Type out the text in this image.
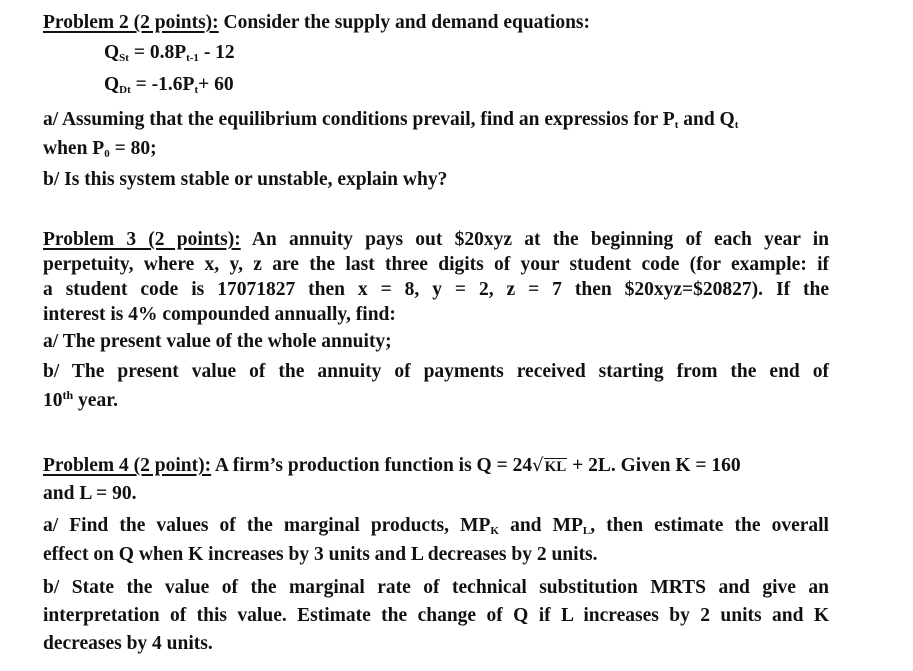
Problem 2 (2 points): Consider the supply and demand equations:
$Q_{St} = 0.8P_{t-1} - 12$
$Q_{Dt} = -1.6P_t+ 60$
a/ Assuming that the equilibrium conditions prevail, find an expressios for $P_t$ and $Q_t$
when $P_0 = 80$;
b/ Is this system stable or unstable, explain why?
Problem 3 (2 points): An annuity pays out $20xyz at the beginning of each year in
perpetuity, where x, y, z are the last three digits of your student code (for example: if
a student code is 17071827 then x = 8, y = 2, z = 7 then $20xyz=$20827). If the
interest is 4% compounded annually, find:
a/ The present value of the whole annuity;
b/ The present value of the annuity of payments received starting from the end of
10th year.
Problem 4 (2 point): A firm’s production function is Q = 24√KL + 2L. Given K = 160
and L = 90.
a/ Find the values of the marginal products, $MP_K$ and $MP_L$, then estimate the overall
effect on Q when K increases by 3 units and L decreases by 2 units.
b/ State the value of the marginal rate of technical substitution MRTS and give an
interpretation of this value. Estimate the change of Q if L increases by 2 units and K
decreases by 4 units.
